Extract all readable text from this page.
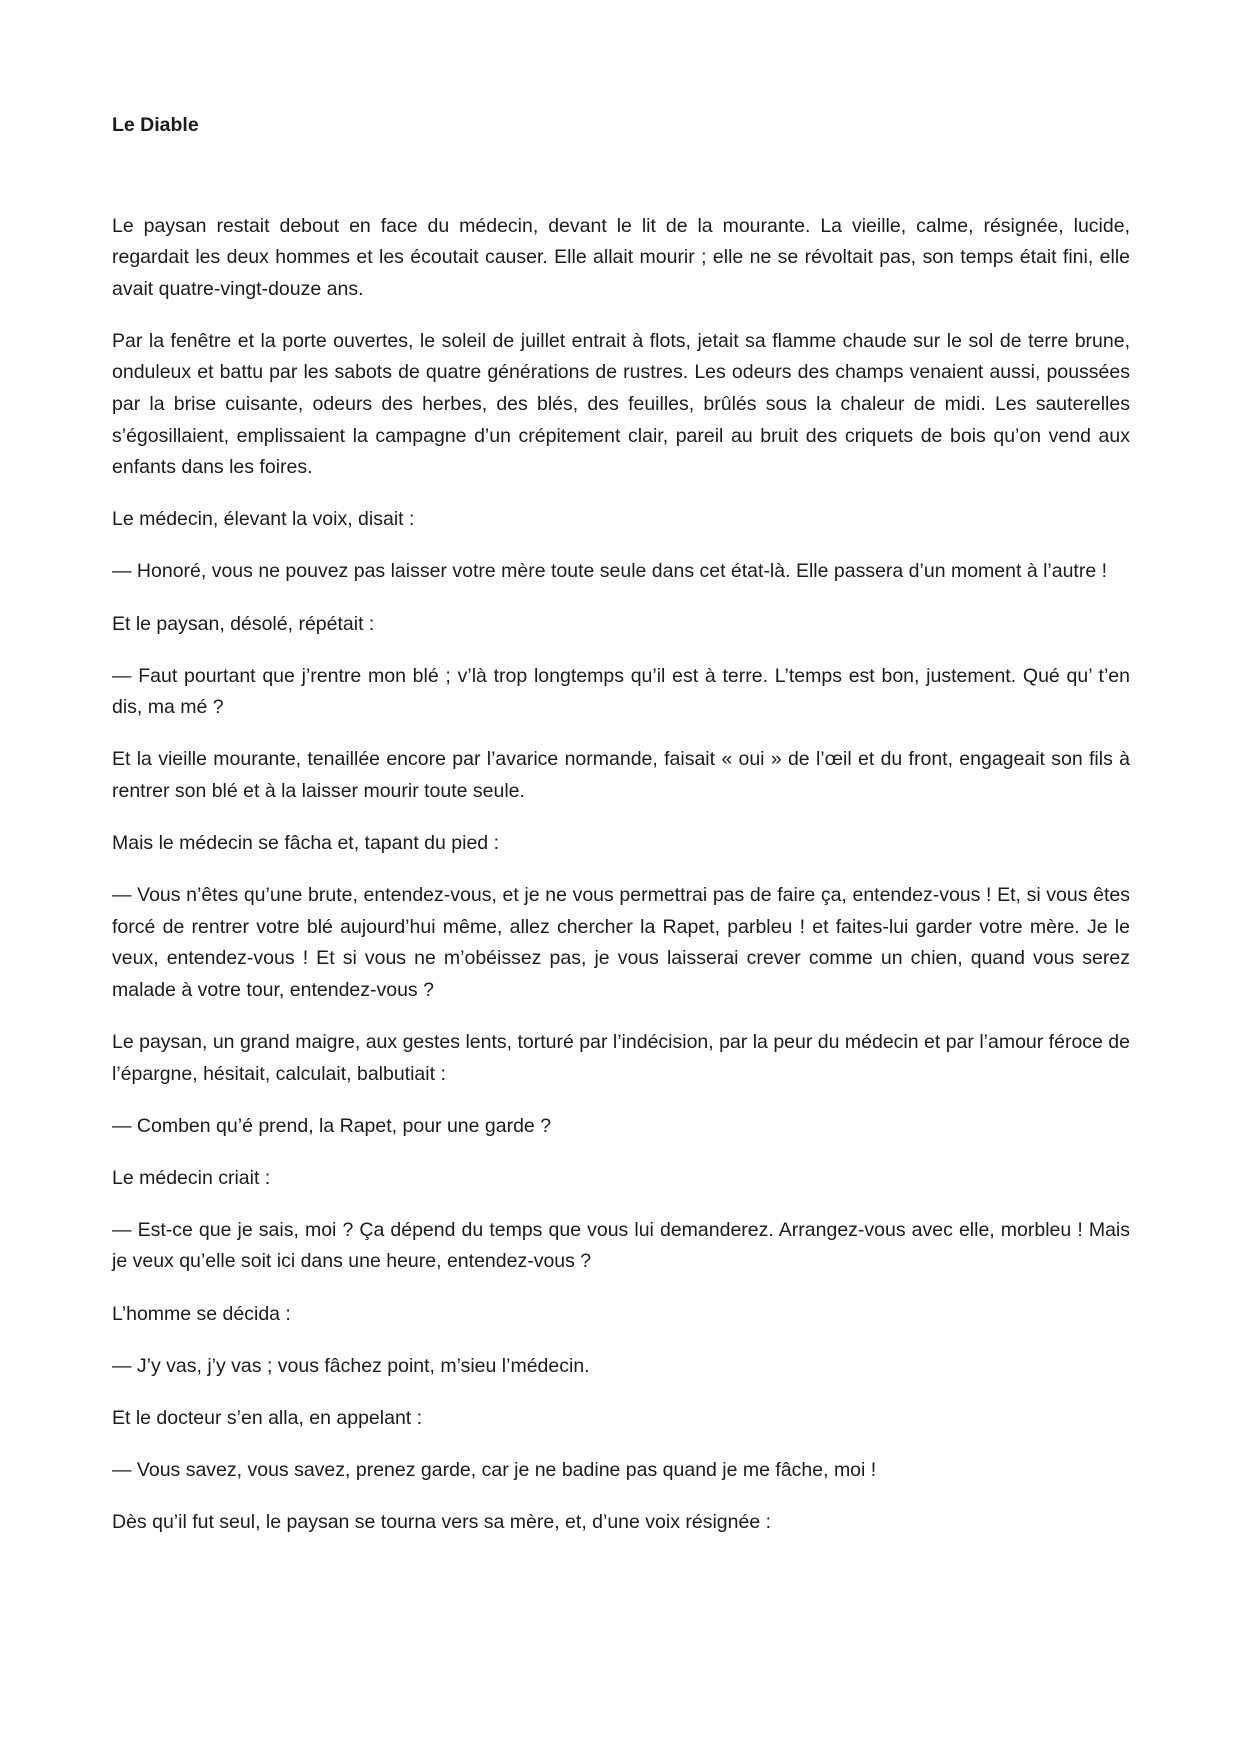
Le Diable

Le paysan restait debout en face du médecin, devant le lit de la mourante. La vieille, calme, résignée, lucide, regardait les deux hommes et les écoutait causer. Elle allait mourir ; elle ne se révoltait pas, son temps était fini, elle avait quatre-vingt-douze ans.

Par la fenêtre et la porte ouvertes, le soleil de juillet entrait à flots, jetait sa flamme chaude sur le sol de terre brune, onduleux et battu par les sabots de quatre générations de rustres. Les odeurs des champs venaient aussi, poussées par la brise cuisante, odeurs des herbes, des blés, des feuilles, brûlés sous la chaleur de midi. Les sauterelles s’égosillaient, emplissaient la campagne d’un crépitement clair, pareil au bruit des criquets de bois qu’on vend aux enfants dans les foires.

Le médecin, élevant la voix, disait :

— Honoré, vous ne pouvez pas laisser votre mère toute seule dans cet état-là. Elle passera d’un moment à l’autre !

Et le paysan, désolé, répétait :

— Faut pourtant que j’rentre mon blé ; v’là trop longtemps qu’il est à terre. L’temps est bon, justement. Qué qu’ t’en dis, ma mé ?

Et la vieille mourante, tenaillée encore par l’avarice normande, faisait « oui » de l’œil et du front, engageait son fils à rentrer son blé et à la laisser mourir toute seule.

Mais le médecin se fâcha et, tapant du pied :

— Vous n’êtes qu’une brute, entendez-vous, et je ne vous permettrai pas de faire ça, entendez-vous ! Et, si vous êtes forcé de rentrer votre blé aujourd’hui même, allez chercher la Rapet, parbleu ! et faites-lui garder votre mère. Je le veux, entendez-vous ! Et si vous ne m’obéissez pas, je vous laisserai crever comme un chien, quand vous serez malade à votre tour, entendez-vous ?

Le paysan, un grand maigre, aux gestes lents, torturé par l’indécision, par la peur du médecin et par l’amour féroce de l’épargne, hésitait, calculait, balbutiait :

— Comben qu’é prend, la Rapet, pour une garde ?

Le médecin criait :

— Est-ce que je sais, moi ? Ça dépend du temps que vous lui demanderez. Arrangez-vous avec elle, morbleu ! Mais je veux qu’elle soit ici dans une heure, entendez-vous ?

L’homme se décida :

— J’y vas, j’y vas ; vous fâchez point, m’sieu l’médecin.

Et le docteur s’en alla, en appelant :

— Vous savez, vous savez, prenez garde, car je ne badine pas quand je me fâche, moi !

Dès qu’il fut seul, le paysan se tourna vers sa mère, et, d’une voix résignée :
